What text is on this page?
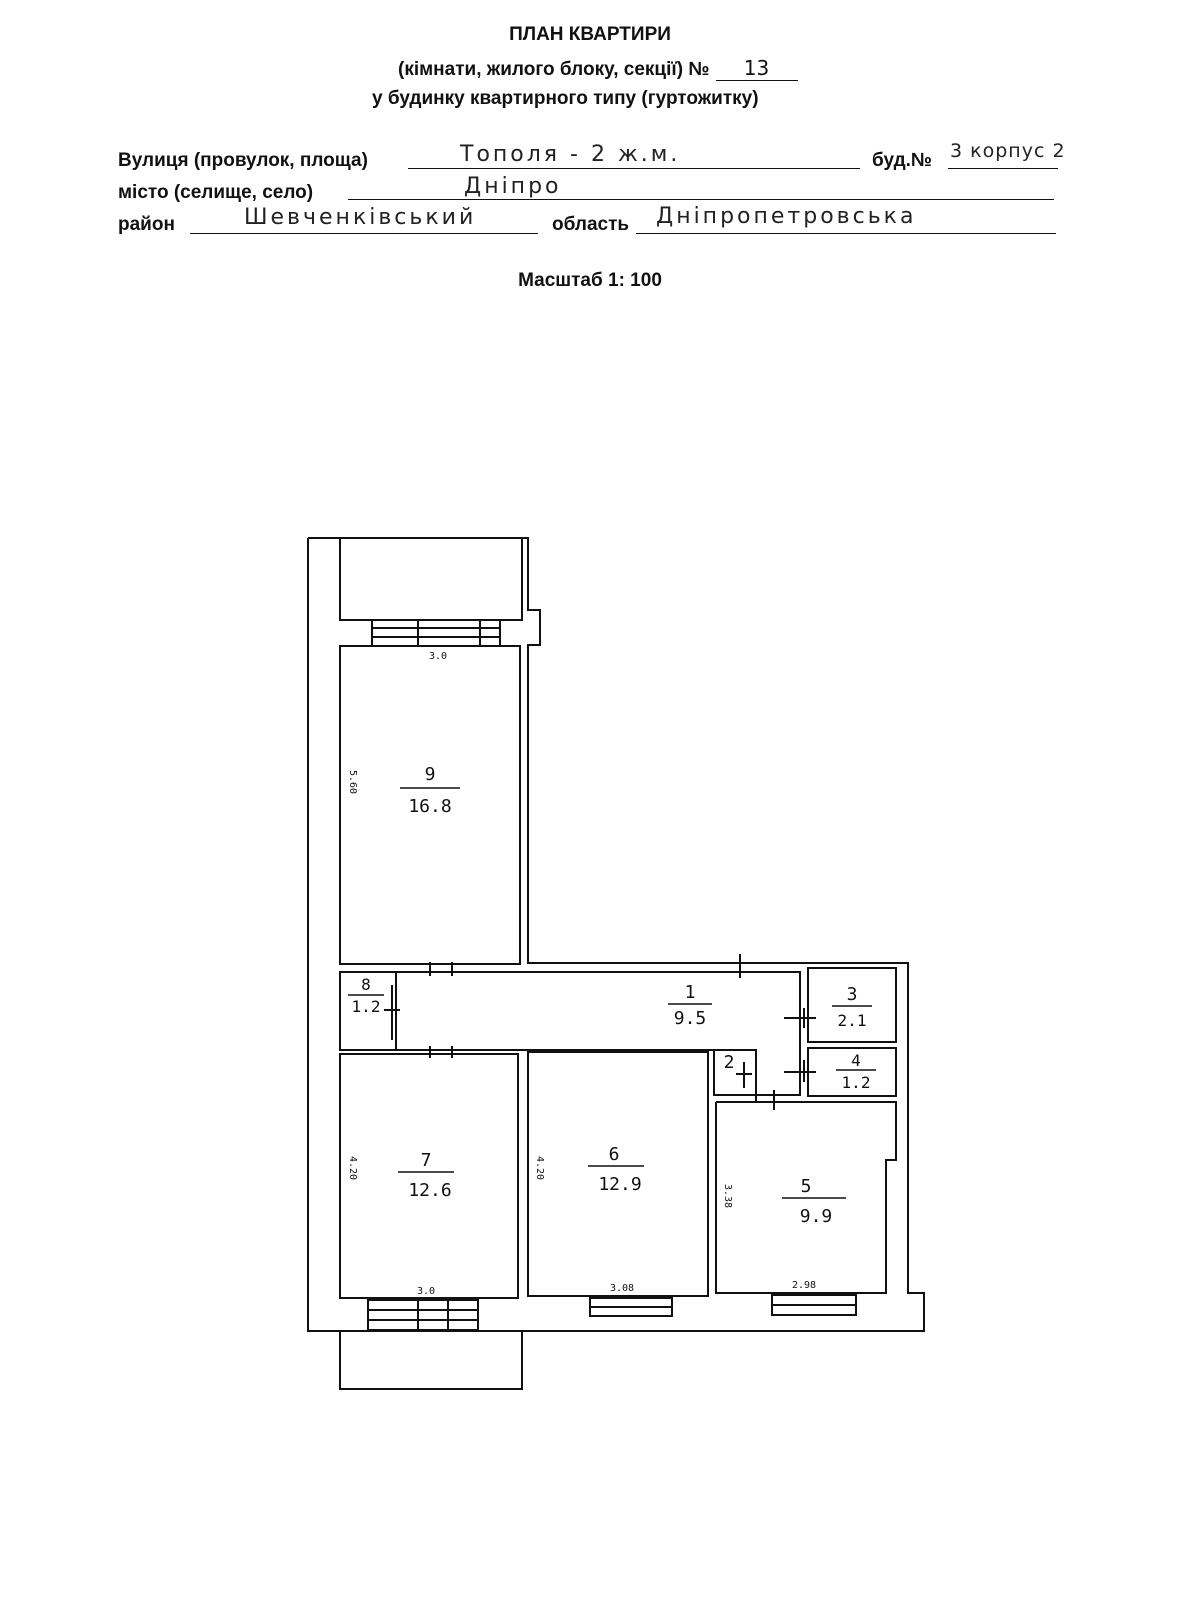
ПЛАН КВАРТИРИ
(кімнати, жилого блоку, секції) № 13
у будинку квартирного типу (гуртожитку)
Вулиця (провулок, площа)	Тополя - 2 ж.м.	буд.№ 3 корпус 2
місто (селище, село)	Дніпро
район	Шевченківський	область Дніпропетровська
Масштаб 1: 100
9
16.8
8
1.2
1
9.5
3
2.1
4
1.2
2
7
12.6
6
12.9	5
9.9
3.0
5.60
3.0
4.20
3.08
4.20
2.98
3.38
